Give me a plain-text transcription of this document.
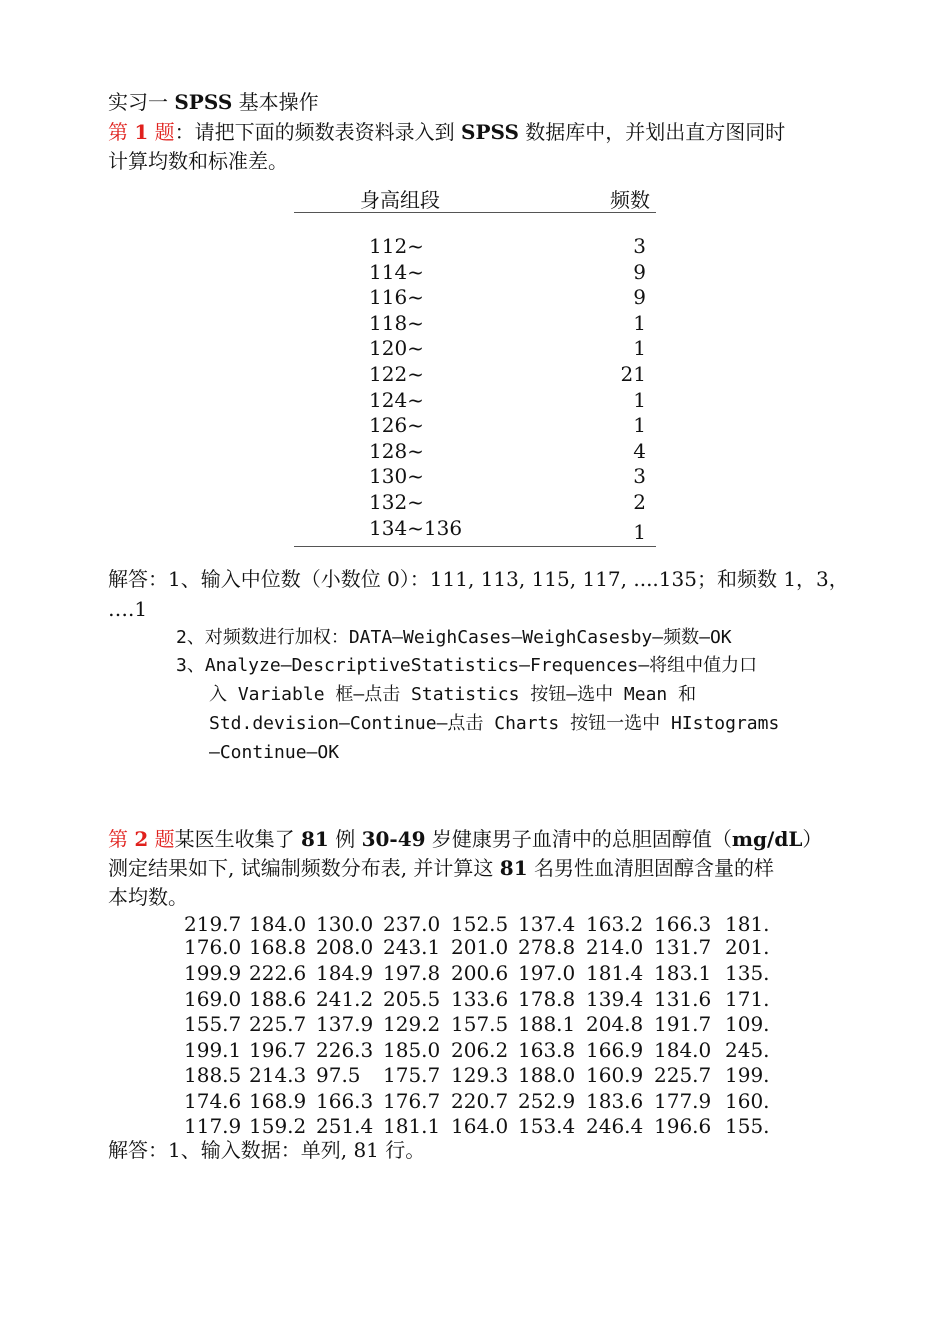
实习一 SPSS 基本操作
第 1 题：请把下面的频数表资料录入到 SPSS 数据库中，并划出直方图同时
计算均数和标准差。
身高组段	频数
112~	3
114~	9
116~	9
118~	1
120~	1
122~	21
124~	1
126~	1
128~	4
130~	3
132~	2
134~136	1
解答：1、输入中位数（小数位 0）：111, 113, 115, 117, ....135；和频数 1，3，
….1
2、对频数进行加权：DATA—WeighCases—WeighCasesby—频数—OK
3、Analyze—DescriptiveStatistics—Frequences—将组中值力口
入 Variable 框—点击 Statistics 按钮—选中 Mean 和
Std.devision—Continue—点击 Charts 按钮一选中 HIstograms
—Continue—OK
第 2 题某医生收集了 81 例 30-49 岁健康男子血清中的总胆固醇值（mg/dL）
测定结果如下, 试编制频数分布表, 并计算这 81 名男性血清胆固醇含量的样
本均数。
219.7 184.0 130.0 237.0 152.5 137.4 163.2 166.3 181.
176.0 168.8 208.0 243.1 201.0 278.8 214.0 131.7 201.
199.9 222.6 184.9 197.8 200.6 197.0 181.4 183.1 135.
169.0 188.6 241.2 205.5 133.6 178.8 139.4 131.6 171.
155.7 225.7 137.9 129.2 157.5 188.1 204.8 191.7 109.
199.1 196.7 226.3 185.0 206.2 163.8 166.9 184.0 245.
188.5 214.3 97.5 175.7 129.3 188.0 160.9 225.7 199.
174.6 168.9 166.3 176.7 220.7 252.9 183.6 177.9 160.
117.9 159.2 251.4 181.1 164.0 153.4 246.4 196.6 155.
解答：1、输入数据：单列, 81 行。
